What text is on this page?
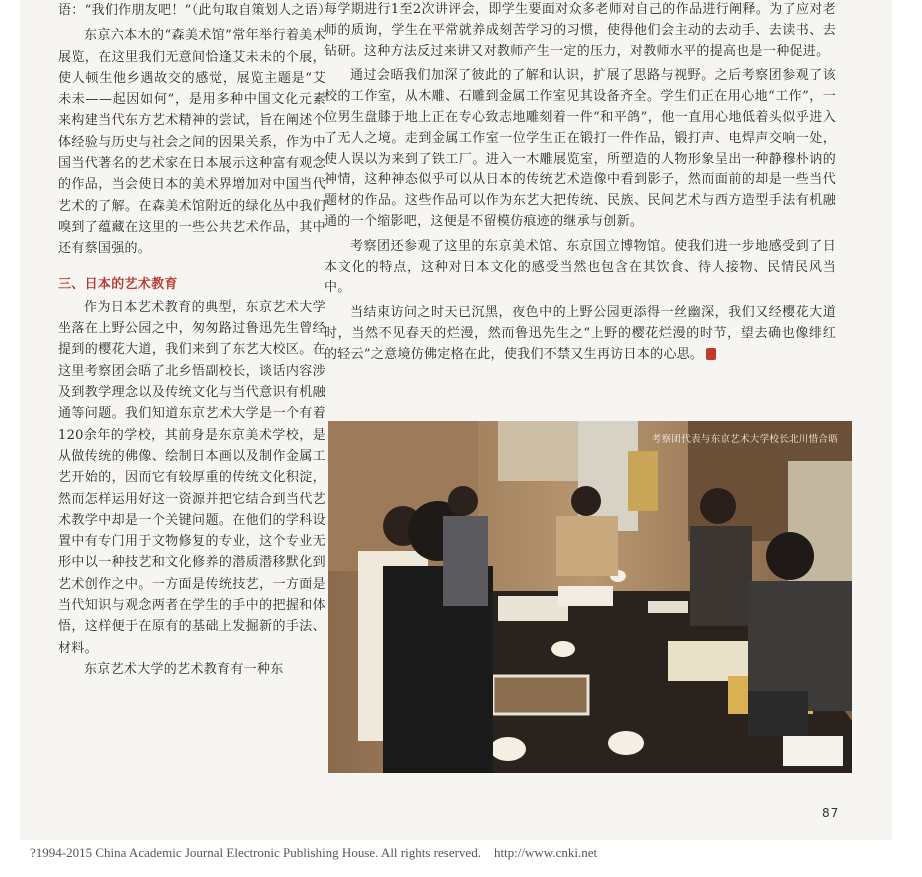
语：“我们作朋友吧！”（此句取自策划人之语）

东京六本木的“森美术馆”常年举行着美术展览，在这里我们无意间恰逢艾未未的个展，使人顿生他乡遇故交的感觉，展览主题是“艾未未——起因如何”，是用多种中国文化元素来构建当代东方艺术精神的尝试，旨在阐述个体经验与历史与社会之间的因果关系，作为中国当代著名的艺术家在日本展示这种富有观念的作品，当会使日本的美术界增加对中国当代艺术的了解。在森美术馆附近的绿化丛中我们嗅到了蕴藏在这里的一些公共艺术作品，其中还有蔡国强的。

三、日本的艺术教育

作为日本艺术教育的典型，东京艺术大学坐落在上野公园之中，匆匆路过鲁迅先生曾经提到的樱花大道，我们来到了东艺大校区。在这里考察团会晤了北乡悟副校长，谈话内容涉及到教学理念以及传统文化与当代意识有机融通等问题。我们知道东京艺术大学是一个有着120余年的学校，其前身是东京美术学校，是从做传统的佛像、绘制日本画以及制作金属工艺开始的，因而它有较厚重的传统文化积淀，然而怎样运用好这一资源并把它结合到当代艺术教学中却是一个关键问题。在他们的学科设置中有专门用于文物修复的专业，这个专业无形中以一种技艺和文化修养的潜质潜移默化到艺术创作之中。一方面是传统技艺，一方面是当代知识与观念两者在学生的手中的把握和体悟，这样便于在原有的基础上发掘新的手法、材料。

东京艺术大学的艺术教育有一种东

每学期进行1至2次讲评会，即学生要面对众多老师对自己的作品进行阐释。为了应对老师的质询，学生在平常就养成刻苦学习的习惯，使得他们会主动的去动手、去读书、去钻研。这种方法反过来讲又对教师产生一定的压力，对教师水平的提高也是一种促进。

通过会晤我们加深了彼此的了解和认识，扩展了思路与视野。之后考察团参观了该校的工作室，从木雕、石雕到金属工作室见其设备齐全。学生们正在用心地“工作”，一位男生盘膝于地上正在专心致志地雕刻着一件“和平鸽”，他一直用心地低着头似乎进入了无人之境。走到金属工作室一位学生正在锻打一件作品，锻打声、电焊声交响一处，使人误以为来到了铁工厂。进入一木雕展览室，所塑造的人物形象呈出一种静穆朴讷的神情，这种神态似乎可以从日本的传统艺术造像中看到影子，然而面前的却是一些当代题材的作品。这些作品可以作为东艺大把传统、民族、民间艺术与西方造型手法有机融通的一个缩影吧，这便是不留模仿痕迹的继承与创新。

考察团还参观了这里的东京美术馆、东京国立博物馆。使我们进一步地感受到了日本文化的特点，这种对日本文化的感受当然也包含在其饮食、待人接物、民情民风当中。

当结束访问之时天已沉黑，夜色中的上野公园更添得一丝幽深，我们又经樱花大道时，当然不见春天的烂漫，然而鲁迅先生之“上野的樱花烂漫的时节，望去确也像绯红的轻云”之意境仿佛定格在此，使我们不禁又生再访日本的心思。

考察团代表与东京艺术大学校长北川惜合晤
87
?1994-2015 China Academic Journal Electronic Publishing House. All rights reserved.    http://www.cnki.net
